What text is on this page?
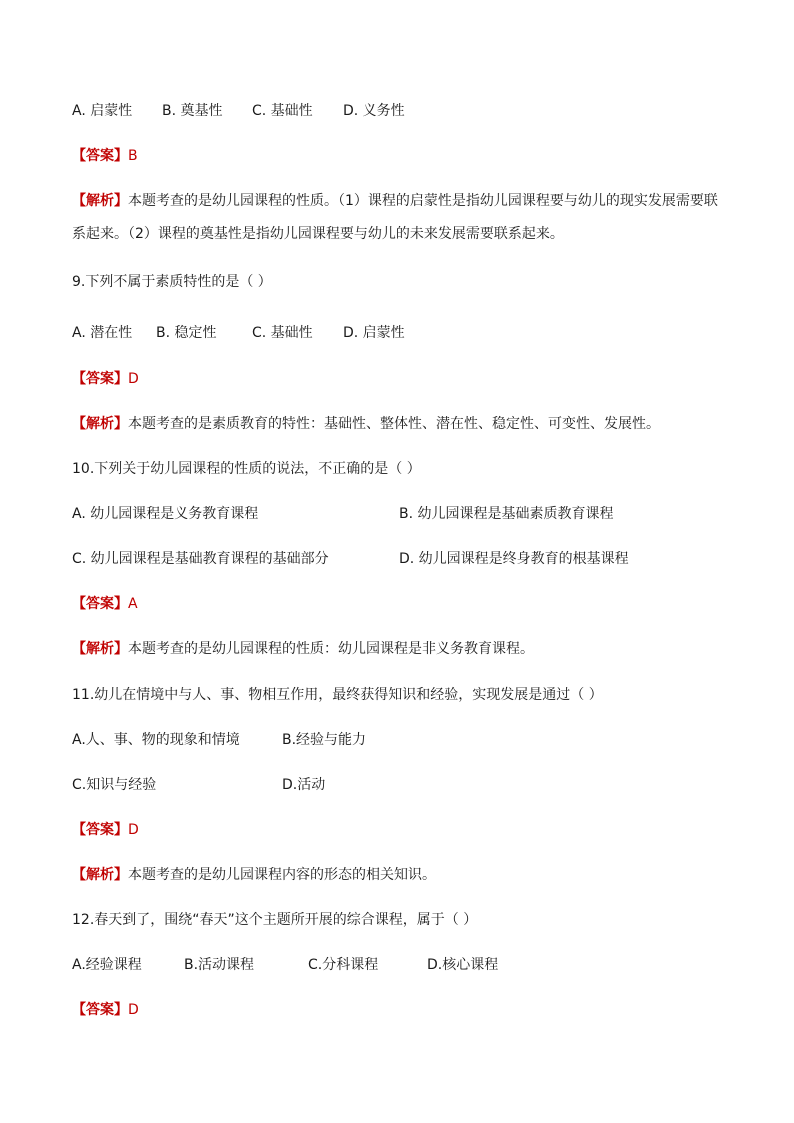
A. 启蒙性 B. 奠基性 C. 基础性 D. 义务性
【答案】B
【解析】本题考查的是幼儿园课程的性质。（1）课程的启蒙性是指幼儿园课程要与幼儿的现实发展需要联
系起来。（2）课程的奠基性是指幼儿园课程要与幼儿的未来发展需要联系起来。
9.下列不属于素质特性的是（ ）
A. 潜在性 B. 稳定性	C. 基础性 D. 启蒙性
【答案】D
【解析】本题考查的是素质教育的特性：基础性、整体性、潜在性、稳定性、可变性、发展性。
10.下列关于幼儿园课程的性质的说法，不正确的是（ ）
A. 幼儿园课程是义务教育课程	B. 幼儿园课程是基础素质教育课程
C. 幼儿园课程是基础教育课程的基础部分	D. 幼儿园课程是终身教育的根基课程
【答案】A
【解析】本题考查的是幼儿园课程的性质：幼儿园课程是非义务教育课程。
11.幼儿在情境中与人、事、物相互作用，最终获得知识和经验，实现发展是通过（ ）
A.人、事、物的现象和情境	B.经验与能力
C.知识与经验	D.活动
【答案】D
【解析】本题考查的是幼儿园课程内容的形态的相关知识。
12.春天到了，围绕“春天”这个主题所开展的综合课程，属于（ ）
A.经验课程	B.活动课程	C.分科课程	D.核心课程
【答案】D
